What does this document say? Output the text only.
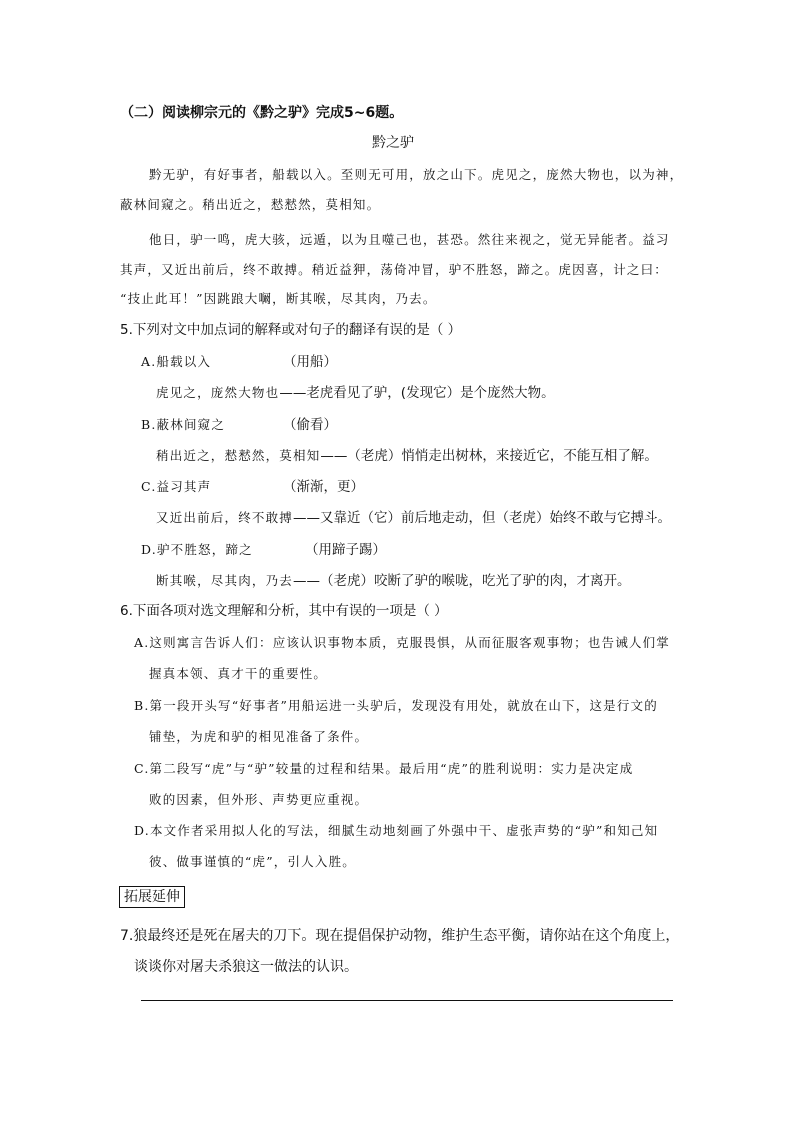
（二）阅读柳宗元的《黔之驴》完成5~6题。
黔之驴
黔无驴，有好事者，船载以入。至则无可用，放之山下。虎见之，庞然大物也，以为神，
蔽林间窥之。稍出近之，慭慭然，莫相知。
他日，驴一鸣，虎大骇，远遁，以为且噬己也，甚恐。然往来视之，觉无异能者。益习
其声，又近出前后，终不敢搏。稍近益狎，荡倚冲冒，驴不胜怒，蹄之。虎因喜，计之曰：
“技止此耳！”因跳踉大㘎，断其喉，尽其肉，乃去。
5.下列对文中加点词的解释或对句子的翻译有误的是（ ）
A.船载以入	（用船）
虎见之，庞然大物也——老虎看见了驴，(发现它）是个庞然大物。
B.蔽林间窥之	（偷看）
稍出近之，慭慭然，莫相知——（老虎）悄悄走出树林，来接近它，不能互相了解。
C.益习其声	（渐渐，更）
又近出前后，终不敢搏——又靠近（它）前后地走动，但（老虎）始终不敢与它搏斗。
D.驴不胜怒，蹄之	（用蹄子踢）
断其喉，尽其肉，乃去——（老虎）咬断了驴的喉咙，吃光了驴的肉，才离开。
6.下面各项对选文理解和分析，其中有误的一项是（ ）
A.这则寓言告诉人们：应该认识事物本质，克服畏惧，从而征服客观事物；也告诫人们掌
握真本领、真才干的重要性。
B.第一段开头写“好事者”用船运进一头驴后，发现没有用处，就放在山下，这是行文的
铺垫，为虎和驴的相见准备了条件。
C.第二段写“虎”与“驴”较量的过程和结果。最后用“虎”的胜利说明：实力是决定成
败的因素，但外形、声势更应重视。
D.本文作者采用拟人化的写法，细腻生动地刻画了外强中干、虚张声势的“驴”和知己知
彼、做事谨慎的“虎”，引人入胜。
拓展延伸
7.狼最终还是死在屠夫的刀下。现在提倡保护动物，维护生态平衡，请你站在这个角度上，
谈谈你对屠夫杀狼这一做法的认识。
